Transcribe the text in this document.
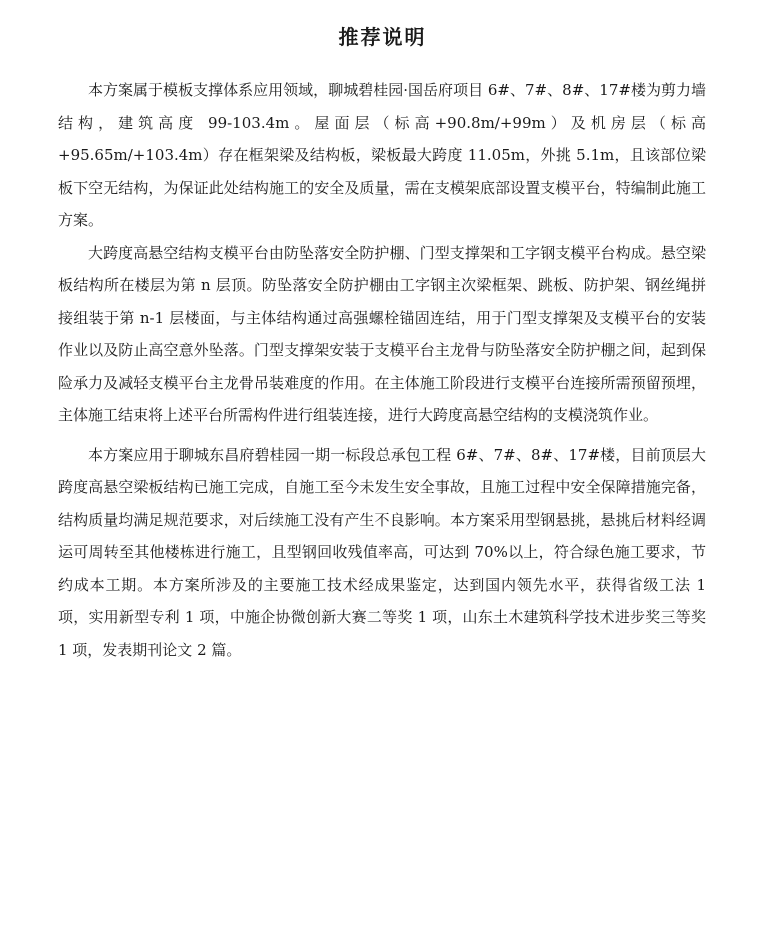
推荐说明

本方案属于模板支撑体系应用领域，聊城碧桂园·国岳府项目 6#、7#、8#、17#楼为剪力墙结构，建筑高度 99-103.4m。屋面层（标高+90.8m/+99m）及机房层（标高+95.65m/+103.4m）存在框架梁及结构板，梁板最大跨度 11.05m，外挑 5.1m，且该部位梁板下空无结构，为保证此处结构施工的安全及质量，需在支模架底部设置支模平台，特编制此施工方案。

大跨度高悬空结构支模平台由防坠落安全防护棚、门型支撑架和工字钢支模平台构成。悬空梁板结构所在楼层为第 n 层顶。防坠落安全防护棚由工字钢主次梁框架、跳板、防护架、钢丝绳拼接组装于第 n-1 层楼面，与主体结构通过高强螺栓锚固连结，用于门型支撑架及支模平台的安装作业以及防止高空意外坠落。门型支撑架安装于支模平台主龙骨与防坠落安全防护棚之间，起到保险承力及减轻支模平台主龙骨吊装难度的作用。在主体施工阶段进行支模平台连接所需预留预埋，主体施工结束将上述平台所需构件进行组装连接，进行大跨度高悬空结构的支模浇筑作业。

本方案应用于聊城东昌府碧桂园一期一标段总承包工程 6#、7#、8#、17#楼，目前顶层大跨度高悬空梁板结构已施工完成，自施工至今未发生安全事故，且施工过程中安全保障措施完备，结构质量均满足规范要求，对后续施工没有产生不良影响。本方案采用型钢悬挑，悬挑后材料经调运可周转至其他楼栋进行施工，且型钢回收残值率高，可达到 70%以上，符合绿色施工要求，节约成本工期。本方案所涉及的主要施工技术经成果鉴定，达到国内领先水平，获得省级工法 1 项，实用新型专利 1 项，中施企协微创新大赛二等奖 1 项，山东土木建筑科学技术进步奖三等奖 1 项，发表期刊论文 2 篇。
